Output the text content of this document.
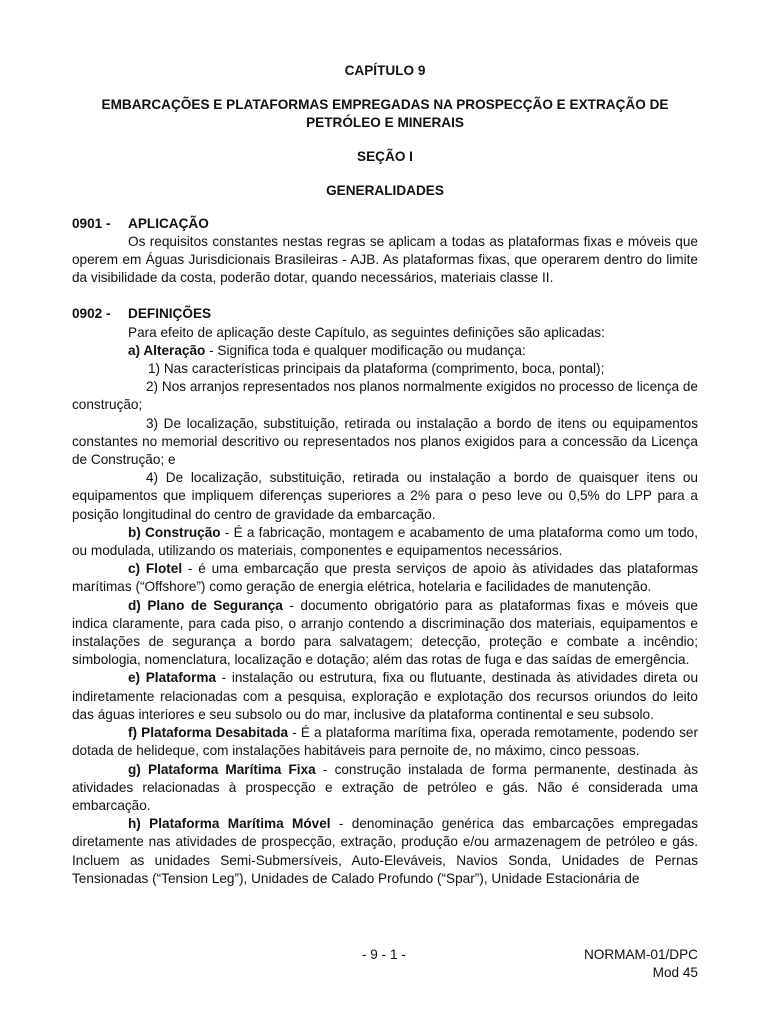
CAPÍTULO 9
EMBARCAÇÕES E PLATAFORMAS EMPREGADAS NA PROSPECÇÃO E EXTRAÇÃO DE PETRÓLEO E MINERAIS
SEÇÃO I
GENERALIDADES
0901 -	APLICAÇÃO

Os requisitos constantes nestas regras se aplicam a todas as plataformas fixas e móveis que operem em Águas Jurisdicionais Brasileiras - AJB. As plataformas fixas, que operarem dentro do limite da visibilidade da costa, poderão dotar, quando necessários, materiais classe II.

0902 -	DEFINIÇÕES

Para efeito de aplicação deste Capítulo, as seguintes definições são aplicadas:

a) Alteração - Significa toda e qualquer modificação ou mudança:

1) Nas características principais da plataforma (comprimento, boca, pontal);

2) Nos arranjos representados nos planos normalmente exigidos no processo de licença de construção;

3) De localização, substituição, retirada ou instalação a bordo de itens ou equipamentos constantes no memorial descritivo ou representados nos planos exigidos para a concessão da Licença de Construção; e

4) De localização, substituição, retirada ou instalação a bordo de quaisquer itens ou equipamentos que impliquem diferenças superiores a 2% para o peso leve ou 0,5% do LPP para a posição longitudinal do centro de gravidade da embarcação.

b) Construção - É a fabricação, montagem e acabamento de uma plataforma como um todo, ou modulada, utilizando os materiais, componentes e equipamentos necessários.

c) Flotel - é uma embarcação que presta serviços de apoio às atividades das plataformas marítimas (“Offshore”) como geração de energia elétrica, hotelaria e facilidades de manutenção.

d) Plano de Segurança - documento obrigatório para as plataformas fixas e móveis que indica claramente, para cada piso, o arranjo contendo a discriminação dos materiais, equipamentos e instalações de segurança a bordo para salvatagem; detecção, proteção e combate a incêndio; simbologia, nomenclatura, localização e dotação; além das rotas de fuga e das saídas de emergência.

e) Plataforma - instalação ou estrutura, fixa ou flutuante, destinada às atividades direta ou indiretamente relacionadas com a pesquisa, exploração e explotação dos recursos oriundos do leito das águas interiores e seu subsolo ou do mar, inclusive da plataforma continental e seu subsolo.

f) Plataforma Desabitada - É a plataforma marítima fixa, operada remotamente, podendo ser dotada de helideque, com instalações habitáveis para pernoite de, no máximo, cinco pessoas.

g) Plataforma Marítima Fixa - construção instalada de forma permanente, destinada às atividades relacionadas à prospecção e extração de petróleo e gás. Não é considerada uma embarcação.

h) Plataforma Marítima Móvel - denominação genérica das embarcações empregadas diretamente nas atividades de prospecção, extração, produção e/ou armazenagem de petróleo e gás. Incluem as unidades Semi-Submersíveis, Auto-Eleváveis, Navios Sonda, Unidades de Pernas Tensionadas (“Tension Leg”), Unidades de Calado Profundo (“Spar”), Unidade Estacionária de

- 9 - 1 -	NORMAM-01/DPC
Mod 45
